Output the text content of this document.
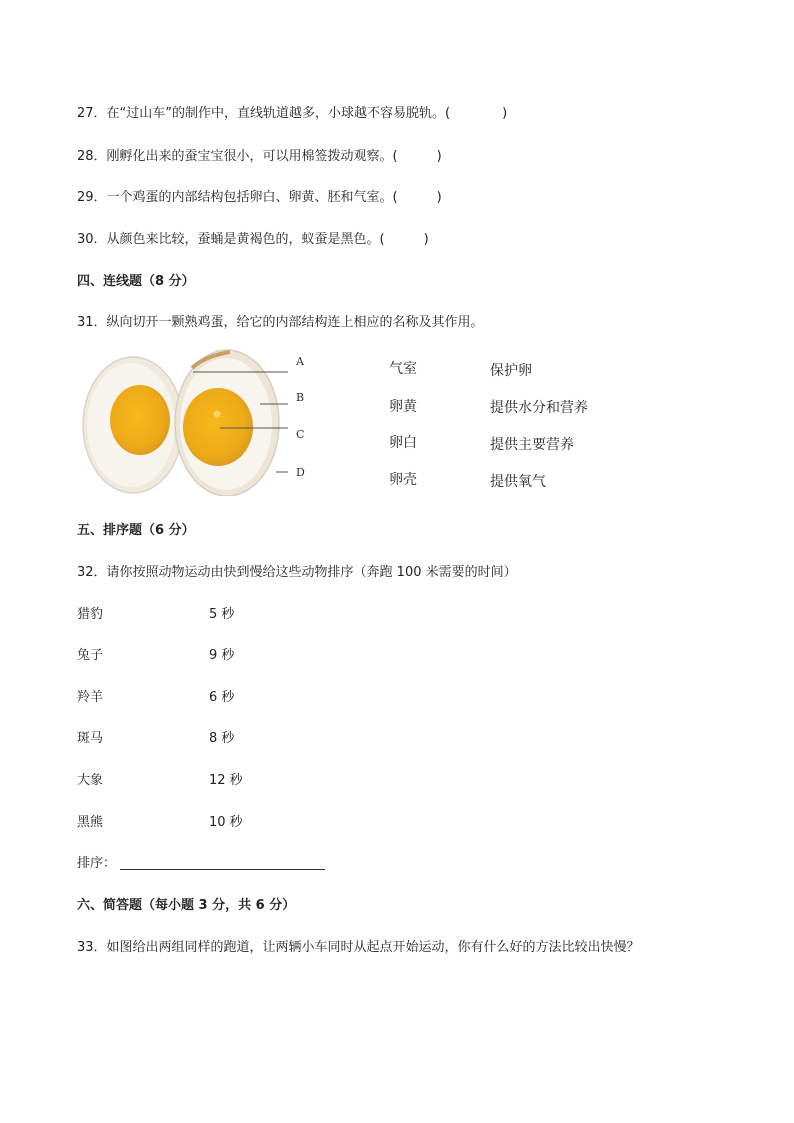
27．在“过山车”的制作中，直线轨道越多，小球越不容易脱轨。(　　　　)
28．刚孵化出来的蚕宝宝很小，可以用棉签拨动观察。(　　　)
29．一个鸡蛋的内部结构包括卵白、卵黄、胚和气室。(　　　)
30．从颜色来比较，蚕蛹是黄褐色的，蚁蚕是黑色。(　　　)
四、连线题（8 分）
31．纵向切开一颗熟鸡蛋，给它的内部结构连上相应的名称及其作用。
A
B
C
D
气室
卵黄
卵白
卵壳
保护卵
提供水分和营养
提供主要营养
提供氧气
五、排序题（6 分）
32．请你按照动物运动由快到慢给这些动物排序（奔跑 100 米需要的时间）
猎豹	5 秒
兔子	9 秒
羚羊	6 秒
斑马	8 秒
大象	12 秒
黑熊	10 秒
排序：
六、简答题（每小题 3 分，共 6 分）
33．如图给出两组同样的跑道，让两辆小车同时从起点开始运动，你有什么好的方法比较出快慢？
